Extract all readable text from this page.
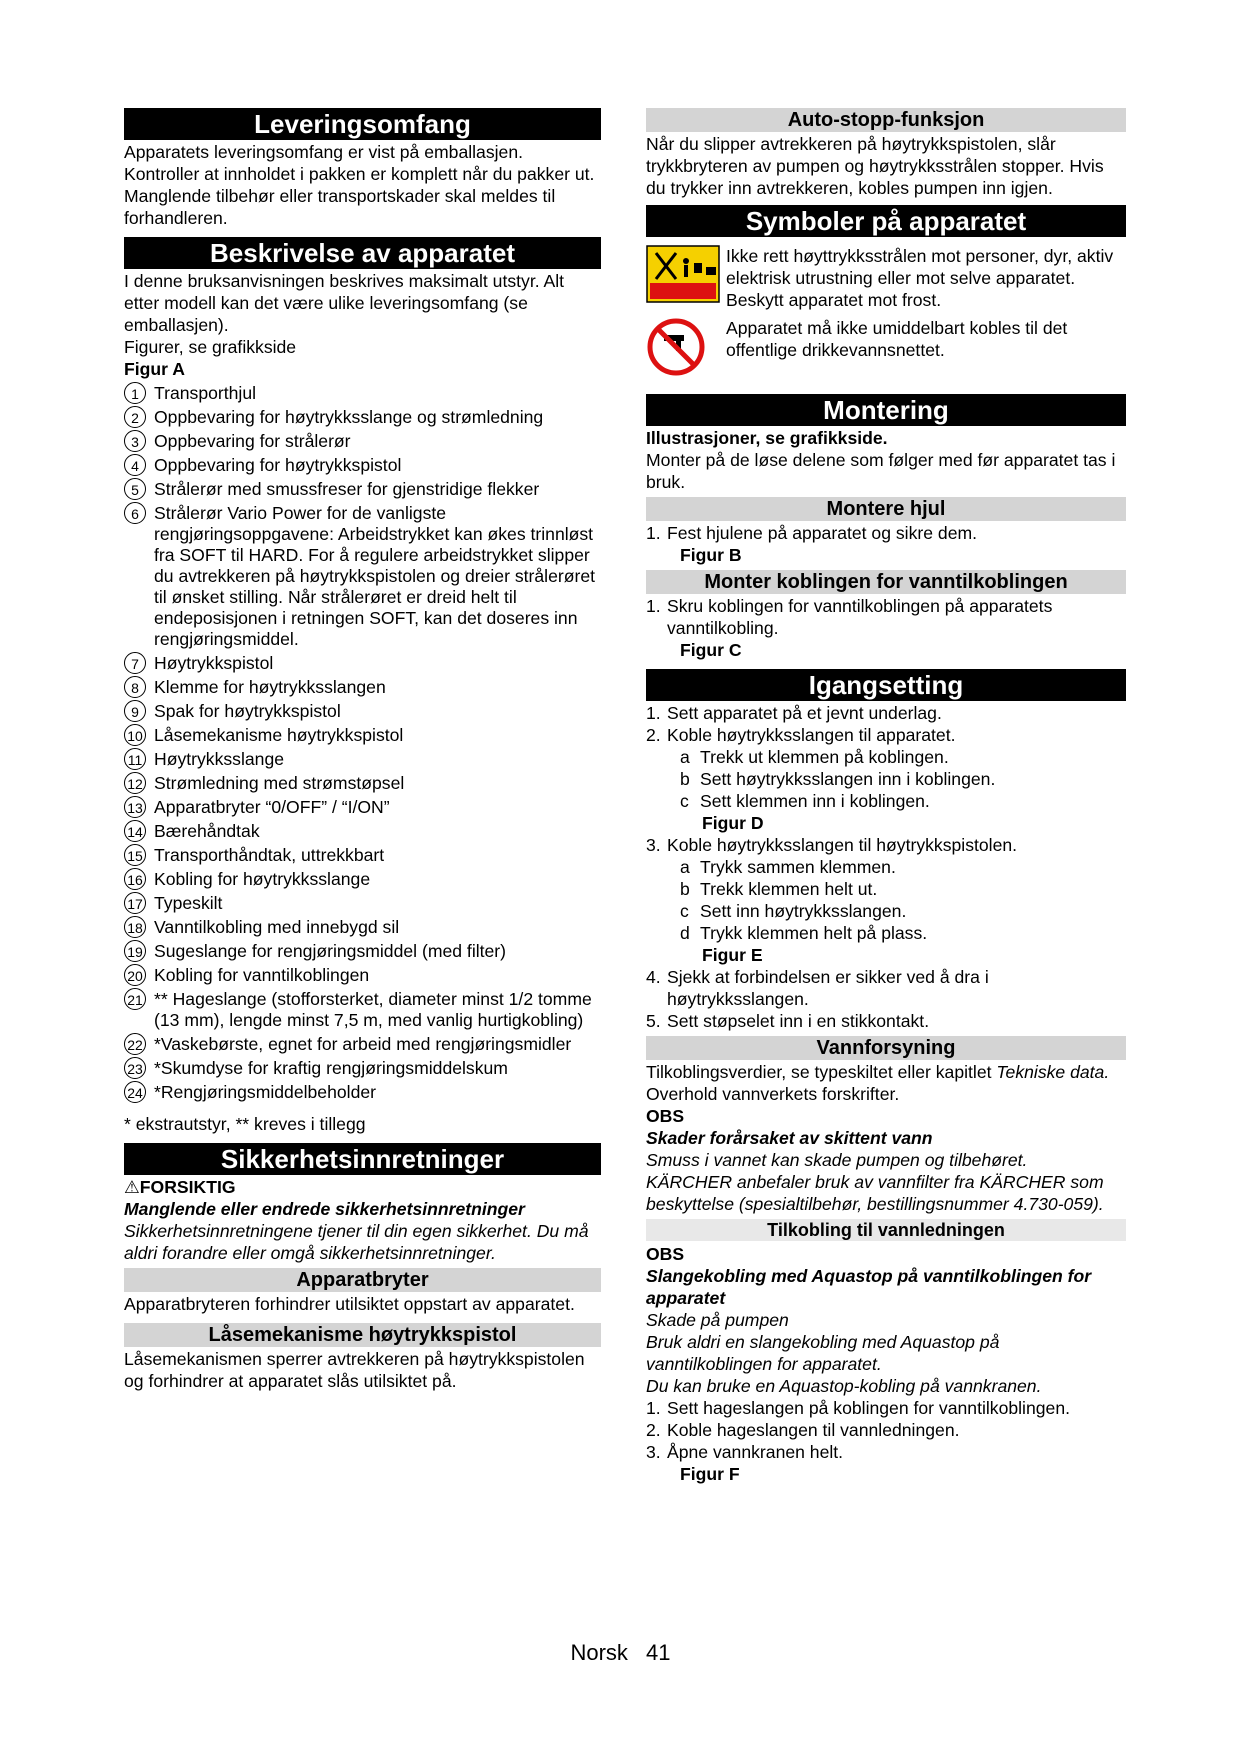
Leveringsomfang

Apparatets leveringsomfang er vist på emballasjen. Kontroller at innholdet i pakken er komplett når du pakker ut. Manglende tilbehør eller transportskader skal meldes til forhandleren.

Beskrivelse av apparatet

I denne bruksanvisningen beskrives maksimalt utstyr. Alt etter modell kan det være ulike leveringsomfang (se emballasjen).

Figurer, se grafikkside

Figur A

1 Transporthjul
2 Oppbevaring for høytrykksslange og strømledning
3 Oppbevaring for strålerør
4 Oppbevaring for høytrykkspistol
5 Strålerør med smussfreser for gjenstridige flekker
6 Strålerør Vario Power for de vanligste rengjøringsoppgavene: Arbeidstrykket kan økes trinnløst fra SOFT til HARD. For å regulere arbeidstrykket slipper du avtrekkeren på høytrykkspistolen og dreier strålerøret til ønsket stilling. Når strålerøret er dreid helt til endeposisjonen i retningen SOFT, kan det doseres inn rengjøringsmiddel.
7 Høytrykkspistol
8 Klemme for høytrykksslangen
9 Spak for høytrykkspistol
10 Låsemekanisme høytrykkspistol
11 Høytrykksslange
12 Strømledning med strømstøpsel
13 Apparatbryter “0/OFF” / “I/ON”
14 Bærehåndtak
15 Transporthåndtak, uttrekkbart
16 Kobling for høytrykksslange
17 Typeskilt
18 Vanntilkobling med innebygd sil
19 Sugeslange for rengjøringsmiddel (med filter)
20 Kobling for vanntilkoblingen
21 ** Hageslange (stofforsterket, diameter minst 1/2 tomme (13 mm), lengde minst 7,5 m, med vanlig hurtigkobling)
22 *Vaskebørste, egnet for arbeid med rengjøringsmidler
23 *Skumdyse for kraftig rengjøringsmiddelskum
24 *Rengjøringsmiddelbeholder

* ekstrautstyr, ** kreves i tillegg

Sikkerhetsinnretninger

⚠FORSIKTIG

Manglende eller endrede sikkerhetsinnretninger

Sikkerhetsinnretningene tjener til din egen sikkerhet. Du må aldri forandre eller omgå sikkerhetsinnretninger.

Apparatbryter

Apparatbryteren forhindrer utilsiktet oppstart av apparatet.

Låsemekanisme høytrykkspistol

Låsemekanismen sperrer avtrekkeren på høytrykkspistolen og forhindrer at apparatet slås utilsiktet på.

Auto-stopp-funksjon

Når du slipper avtrekkeren på høytrykkspistolen, slår trykkbryteren av pumpen og høytrykksstrålen stopper. Hvis du trykker inn avtrekkeren, kobles pumpen inn igjen.

Symboler på apparatet
Ikke rett høyttrykksstrålen mot personer, dyr, aktiv elektrisk utrustning eller mot selve apparatet.
Beskytt apparatet mot frost.
Apparatet må ikke umiddelbart kobles til det offentlige drikkevannsnettet.
Montering

Illustrasjoner, se grafikkside.

Monter på de løse delene som følger med før apparatet tas i bruk.

Montere hjul

1. Fest hjulene på apparatet og sikre dem.

Figur B

Monter koblingen for vanntilkoblingen

1. Skru koblingen for vanntilkoblingen på apparatets vanntilkobling.

Figur C

Igangsetting

1. Sett apparatet på et jevnt underlag.

2. Koble høytrykksslangen til apparatet.

a Trekk ut klemmen på koblingen.

b Sett høytrykksslangen inn i koblingen.

c Sett klemmen inn i koblingen.

Figur D

3. Koble høytrykksslangen til høytrykkspistolen.

a Trykk sammen klemmen.

b Trekk klemmen helt ut.

c Sett inn høytrykksslangen.

d Trykk klemmen helt på plass.

Figur E

4. Sjekk at forbindelsen er sikker ved å dra i høytrykksslangen.

5. Sett støpselet inn i en stikkontakt.

Vannforsyning

Tilkoblingsverdier, se typeskiltet eller kapitlet Tekniske data.

Overhold vannverkets forskrifter.

OBS

Skader forårsaket av skittent vann

Smuss i vannet kan skade pumpen og tilbehøret.

KÄRCHER anbefaler bruk av vannfilter fra KÄRCHER som beskyttelse (spesialtilbehør, bestillingsnummer 4.730-059).

Tilkobling til vannledningen

OBS

Slangekobling med Aquastop på vanntilkoblingen for apparatet

Skade på pumpen

Bruk aldri en slangekobling med Aquastop på vanntilkoblingen for apparatet.

Du kan bruke en Aquastop-kobling på vannkranen.

1. Sett hageslangen på koblingen for vanntilkoblingen.

2. Koble hageslangen til vannledningen.

3. Åpne vannkranen helt.

Figur F

Norsk 41
